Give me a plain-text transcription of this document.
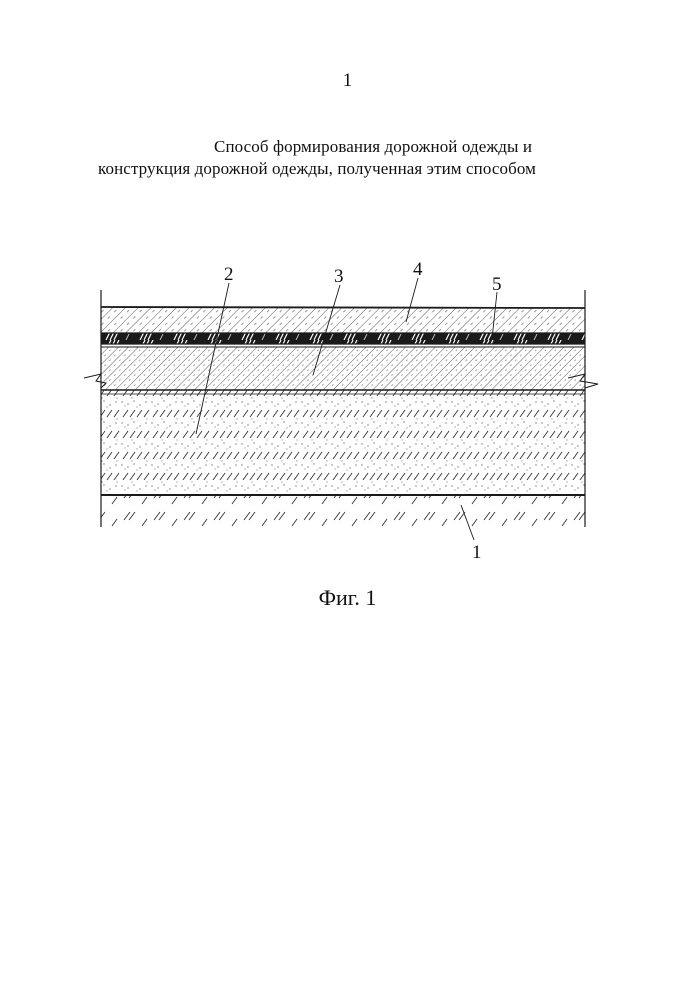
1
Способ формирования дорожной одежды и
конструкция дорожной одежды, полученная этим способом
2	3	4
5
1
Фиг. 1
